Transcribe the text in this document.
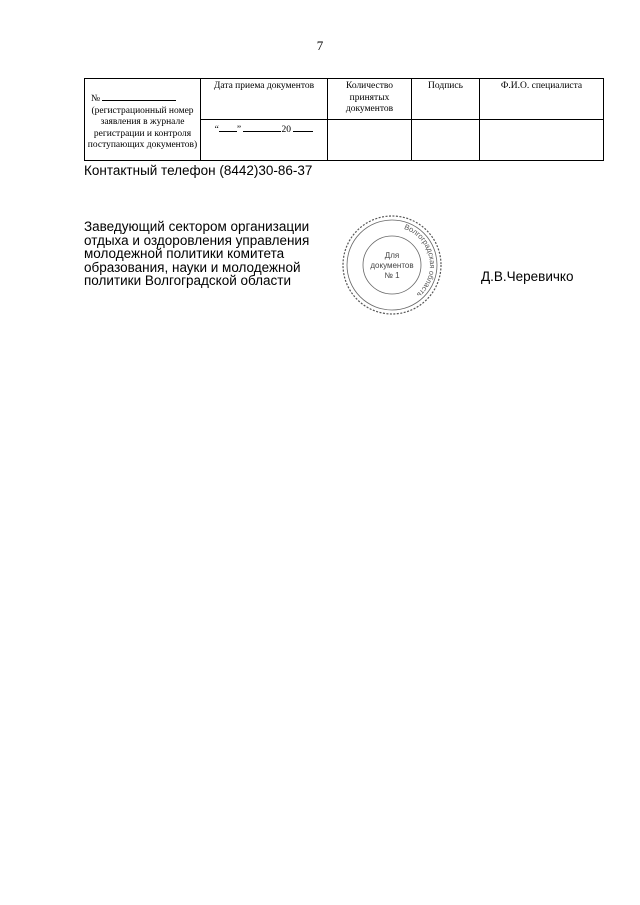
7
№
(регистрационный номер заявления в журнале регистрации и контроля поступающих документов)	Дата приема документов	Количество принятых документов	Подпись	Ф.И.О. специалиста
	“ ” 20			
Контактный телефон (8442)30-86-37
Заведующий сектором организации
отдыха и оздоровления управления
молодежной политики комитета
образования, науки и молодежной
политики Волгоградской области
Волгоградская область
Для
документов
№ 1	Д.В.Черевичко
